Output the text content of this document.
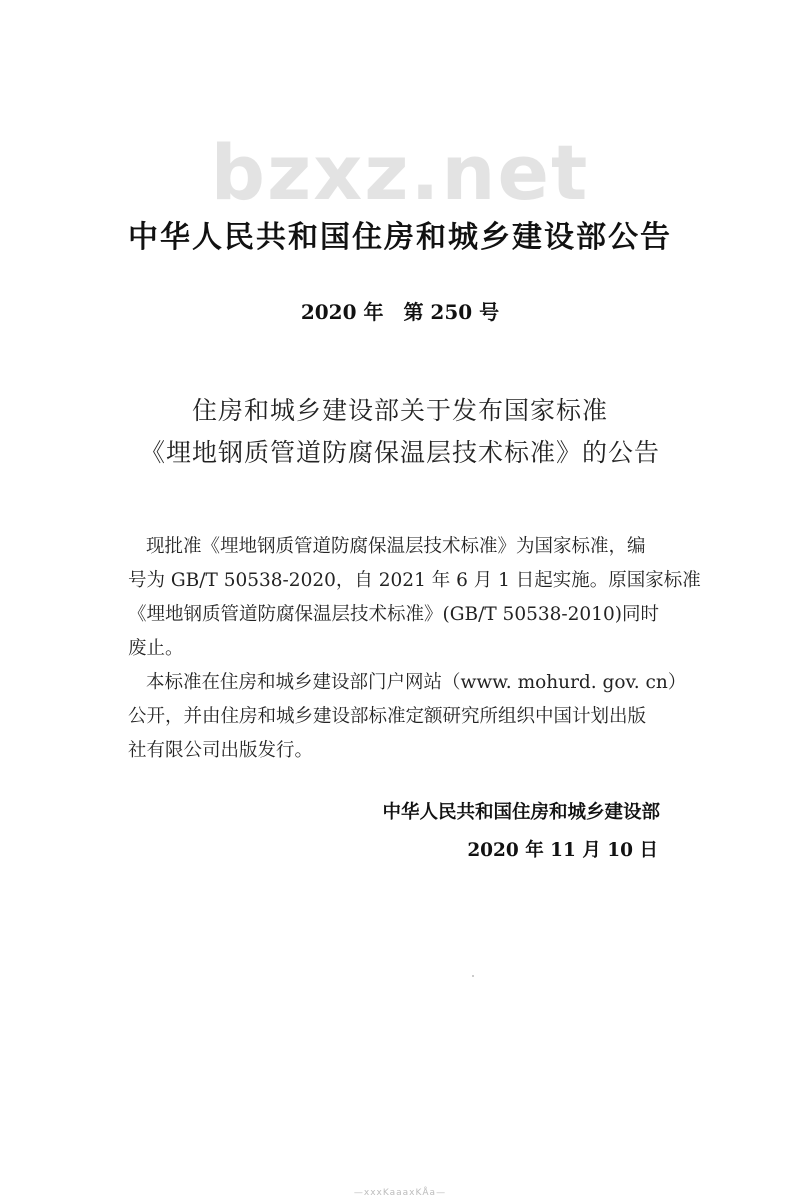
bzxz.net
中华人民共和国住房和城乡建设部公告
2020 年　第 250 号
住房和城乡建设部关于发布国家标准
《埋地钢质管道防腐保温层技术标准》的公告
现批准《埋地钢质管道防腐保温层技术标准》为国家标准，编
号为 GB/T 50538-2020，自 2021 年 6 月 1 日起实施。原国家标准
《埋地钢质管道防腐保温层技术标准》(GB/T 50538-2010)同时
废止。
本标准在住房和城乡建设部门户网站（www. mohurd. gov. cn）
公开，并由住房和城乡建设部标准定额研究所组织中国计划出版
社有限公司出版发行。
中华人民共和国住房和城乡建设部
2020 年 11 月 10 日
—xxxKaaaxKÅa—
